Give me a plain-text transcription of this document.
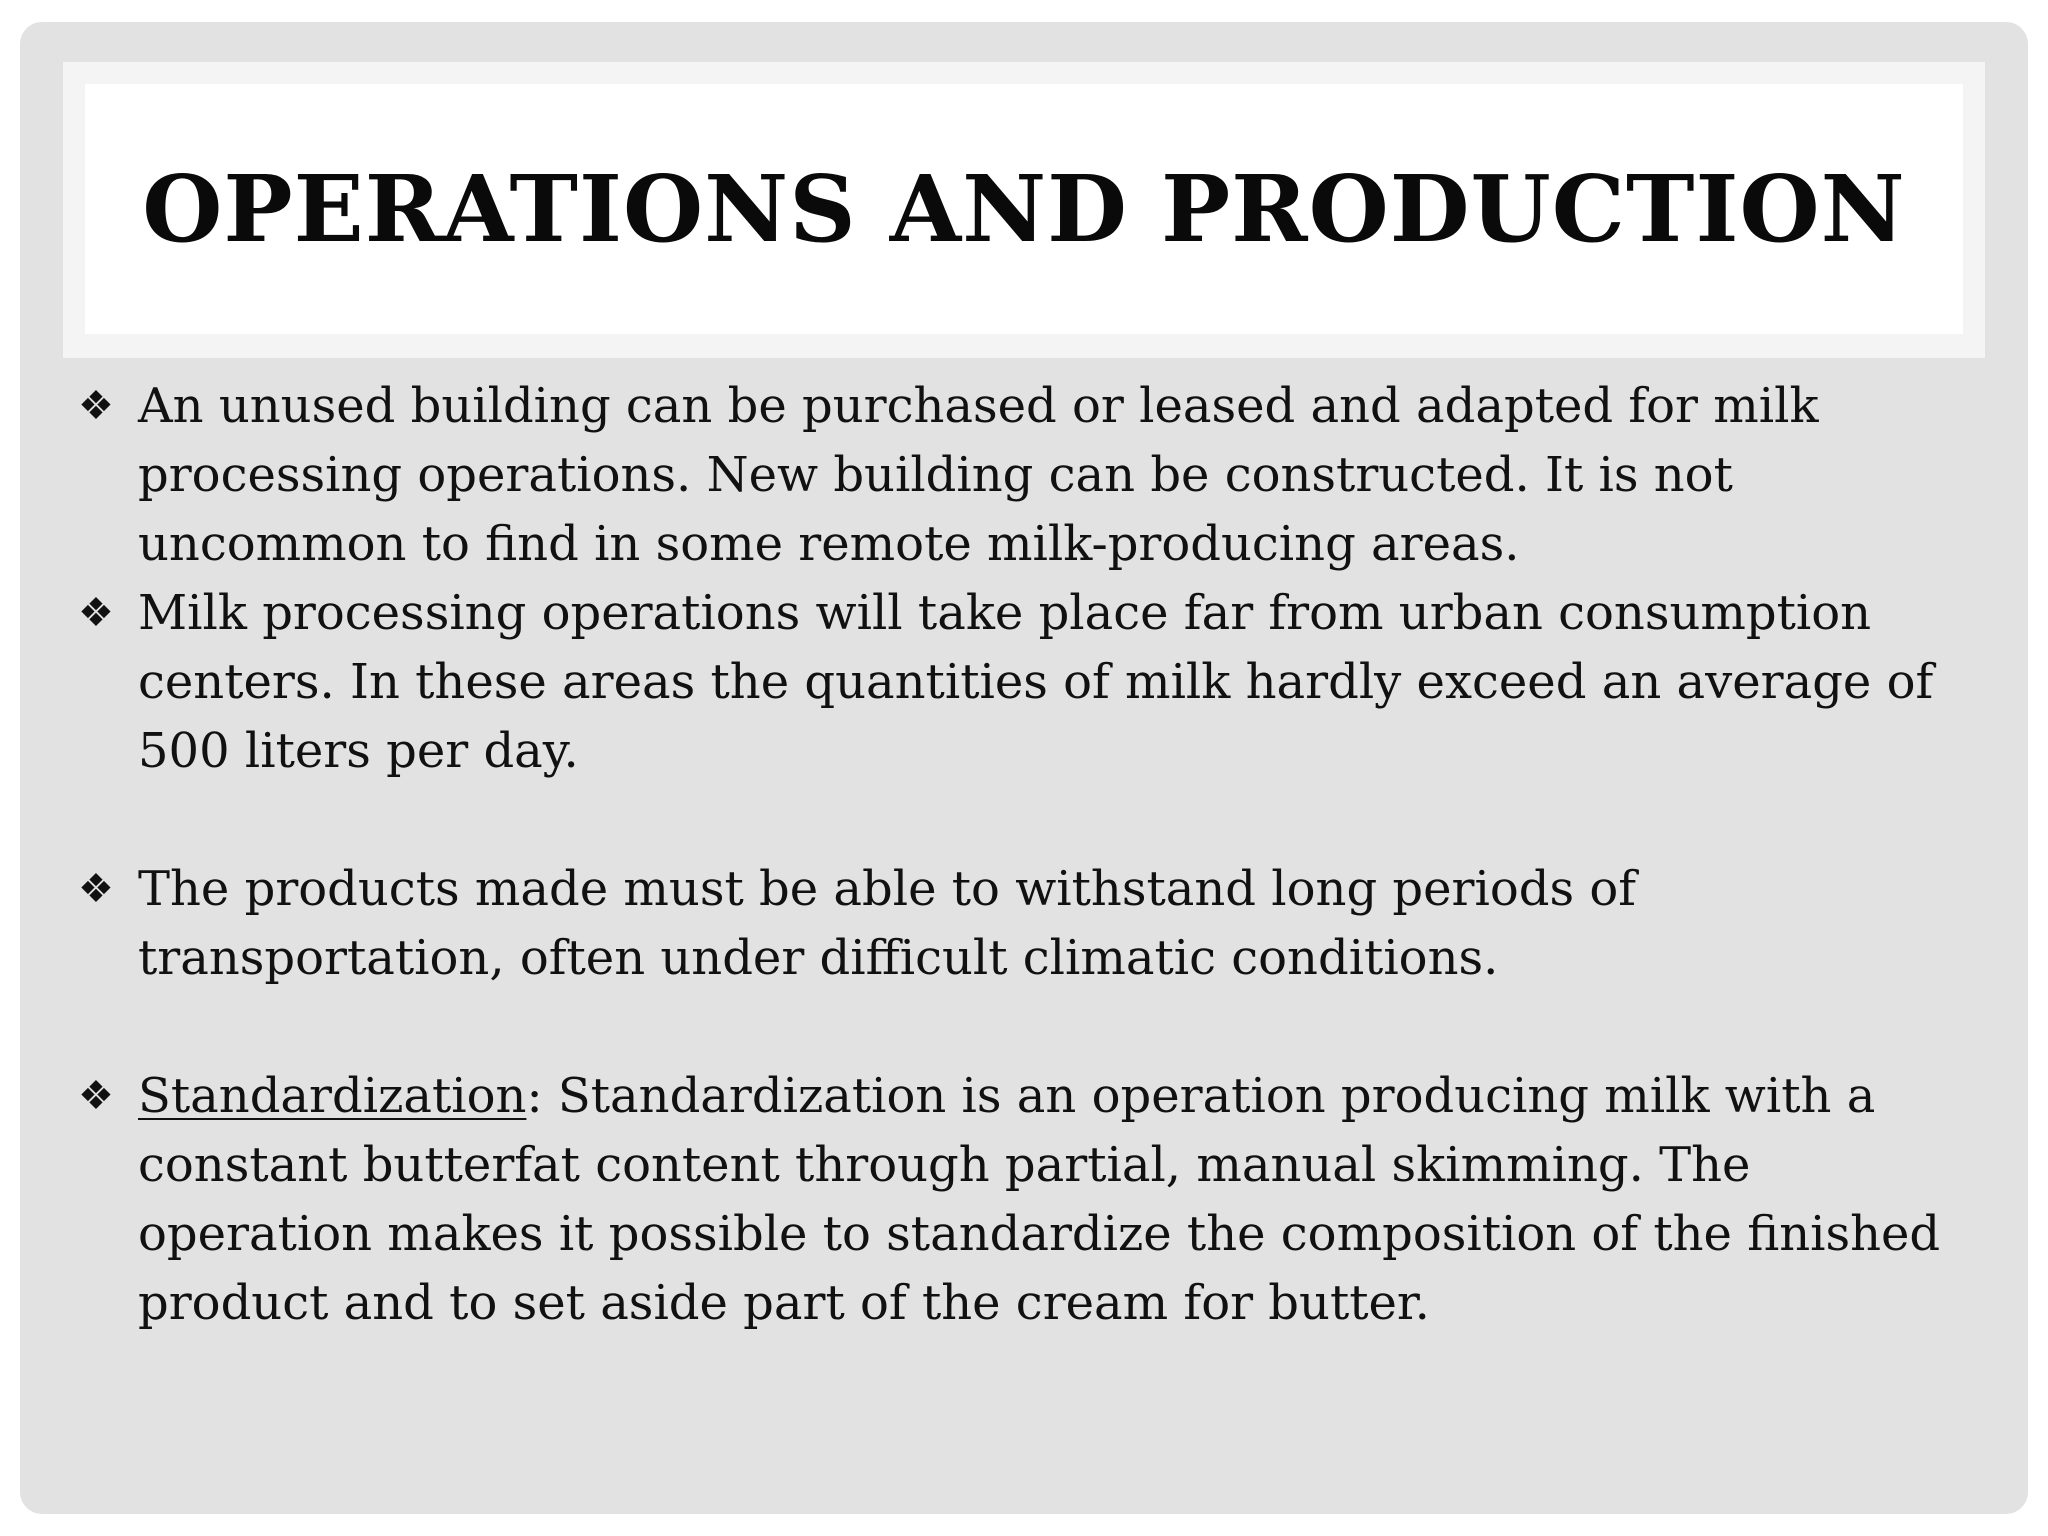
OPERATIONS AND PRODUCTION

❖ An unused building can be purchased or leased and adapted for milk processing operations. New building can be constructed. It is not uncommon to find in some remote milk-producing areas.

❖ Milk processing operations will take place far from urban consumption centers. In these areas the quantities of milk hardly exceed an average of 500 liters per day.

❖ The products made must be able to withstand long periods of transportation, often under difficult climatic conditions.

❖ Standardization: Standardization is an operation producing milk with a constant butterfat content through partial, manual skimming. The operation makes it possible to standardize the composition of the finished product and to set aside part of the cream for butter.
